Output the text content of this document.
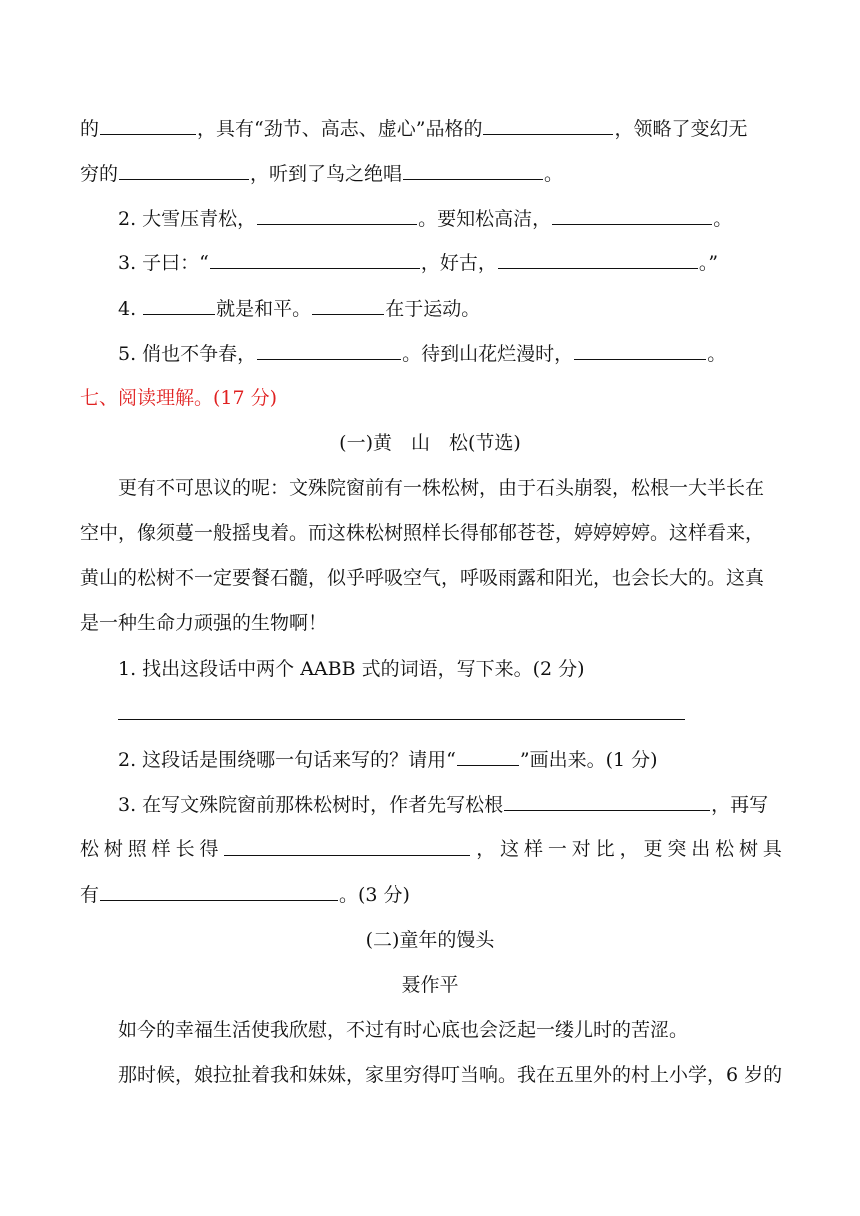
的	，具有“劲节、高志、虚心”品格的	，领略了变幻无
穷的	，听到了鸟之绝唱	。
2. 大雪压青松，	。要知松高洁，	。
3. 子曰：“	，好古，	。”
4.	就是和平。	在于运动。
5. 俏也不争春，	。待到山花烂漫时，	。
七、阅读理解。(17 分)
(一)黄　山　松(节选)
更有不可思议的呢：文殊院窗前有一株松树，由于石头崩裂，松根一大半长在
空中，像须蔓一般摇曳着。而这株松树照样长得郁郁苍苍，婷婷婷婷。这样看来，
黄山的松树不一定要餐石髓，似乎呼吸空气，呼吸雨露和阳光，也会长大的。这真
是一种生命力顽强的生物啊！
1. 找出这段话中两个 AABB 式的词语，写下来。(2 分)
2. 这段话是围绕哪一句话来写的？请用“	”画出来。(1 分)
3. 在写文殊院窗前那株松树时，作者先写松根	，再写
松 树 照 样 长 得	， 这 样 一 对 比 ， 更 突 出 松 树 具
有	。(3 分)
(二)童年的馒头
聂作平
如今的幸福生活使我欣慰，不过有时心底也会泛起一缕儿时的苦涩。
那时候，娘拉扯着我和妹妹，家里穷得叮当响。我在五里外的村上小学，6 岁的
